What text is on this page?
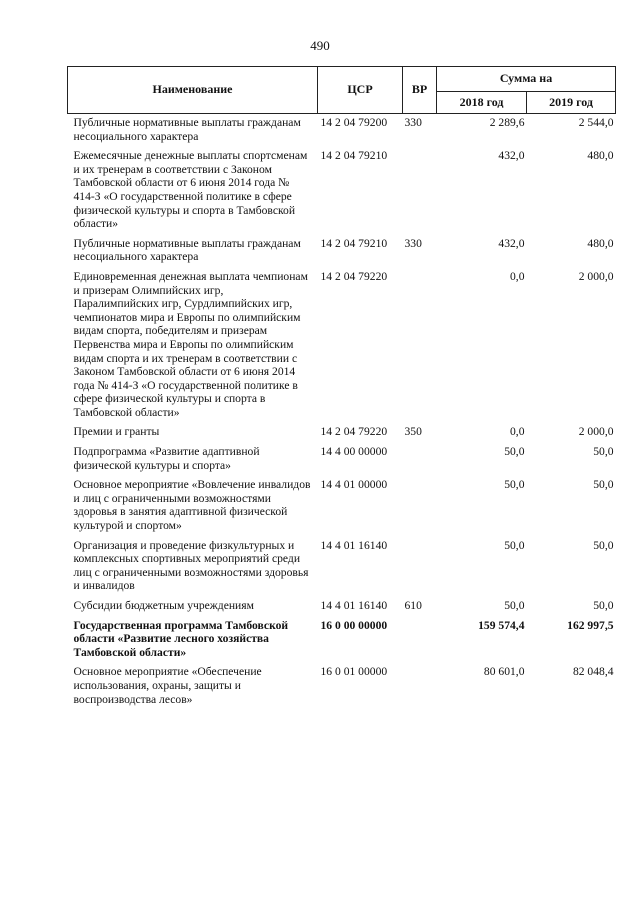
490
Наименование	ЦСР	ВР	Сумма на	
			2018 год	2019 год
Публичные нормативные выплаты гражданам несоциального характера	14 2 04 79200	330	2 289,6	2 544,0
Ежемесячные денежные выплаты спортсменам и их тренерам в соответствии с Законом Тамбовской области от 6 июня 2014 года № 414-З «О государственной политике в сфере физической культуры и спорта в Тамбовской области»	14 2 04 79210		432,0	480,0
Публичные нормативные выплаты гражданам несоциального характера	14 2 04 79210	330	432,0	480,0
Единовременная денежная выплата чемпионам и призерам Олимпийских игр, Паралимпийских игр, Сурдлимпийских игр, чемпионатов мира и Европы по олимпийским видам спорта, победителям и призерам Первенства мира и Европы по олимпийским видам спорта и их тренерам в соответствии с Законом Тамбовской области от 6 июня 2014 года № 414-З «О государственной политике в сфере физической культуры и спорта в Тамбовской области»	14 2 04 79220		0,0	2 000,0
Премии и гранты	14 2 04 79220	350	0,0	2 000,0
Подпрограмма «Развитие адаптивной физической культуры и спорта»	14 4 00 00000		50,0	50,0
Основное мероприятие «Вовлечение инвалидов и лиц с ограниченными возможностями здоровья в занятия адаптивной физической культурой и спортом»	14 4 01 00000		50,0	50,0
Организация и проведение физкультурных и комплексных спортивных мероприятий среди лиц с ограниченными возможностями здоровья и инвалидов	14 4 01 16140		50,0	50,0
Субсидии бюджетным учреждениям	14 4 01 16140	610	50,0	50,0
Государственная программа Тамбовской области «Развитие лесного хозяйства Тамбовской области»	16 0 00 00000		159 574,4	162 997,5
Основное мероприятие «Обеспечение использования, охраны, защиты и воспроизводства лесов»	16 0 01 00000		80 601,0	82 048,4
